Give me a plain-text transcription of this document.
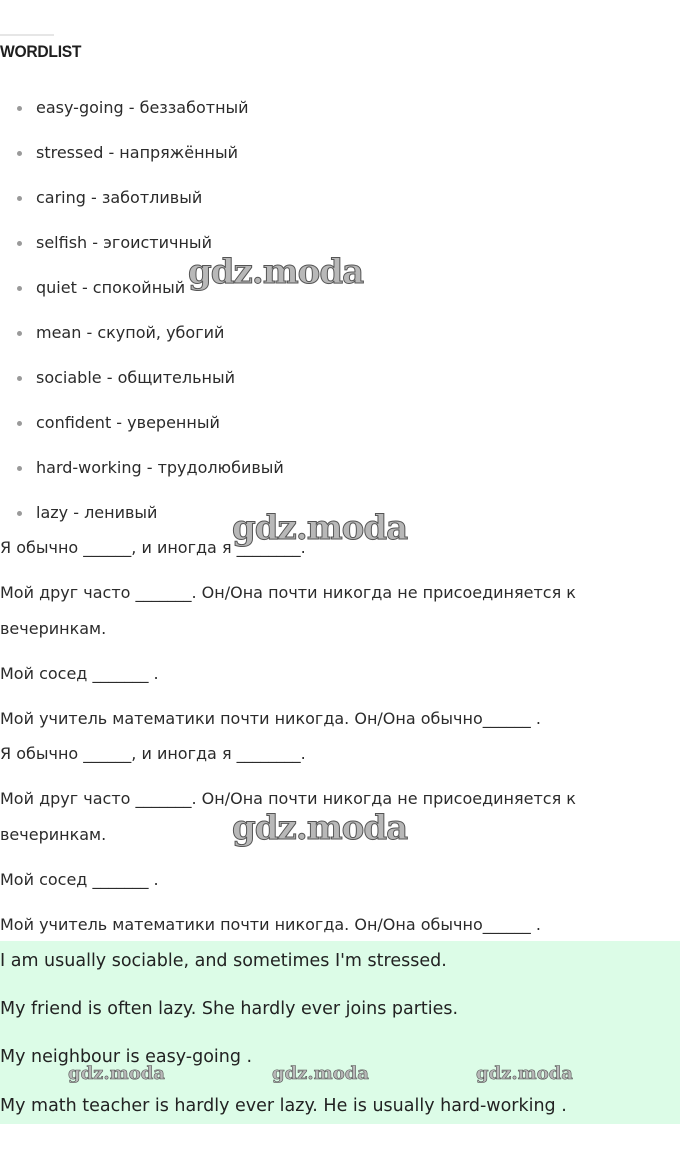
WORDLIST
easy-going - беззаботный
stressed - напряжённый
caring - заботливый
selfish - эгоистичный
quiet - спокойный
mean - скупой, убогий
sociable - общительный
confident - уверенный
hard-working - трудолюбивый
lazy - ленивый
Я обычно ______, и иногда я ________.
Мой друг часто _______. Он/Она почти никогда не присоединяется к
вечеринкам.
Мой сосед _______ .
Мой учитель математики почти никогда. Он/Она обычно______ .
Я обычно ______, и иногда я ________.
Мой друг часто _______. Он/Она почти никогда не присоединяется к
вечеринкам.
Мой сосед _______ .
Мой учитель математики почти никогда. Он/Она обычно______ .
I am usually sociable, and sometimes I'm stressed.
My friend is often lazy. She hardly ever joins parties.
My neighbour is easy-going .
My math teacher is hardly ever lazy. He is usually hard-working .
gdz.moda
gdz.moda
gdz.moda
gdz.moda	gdz.moda	gdz.moda
